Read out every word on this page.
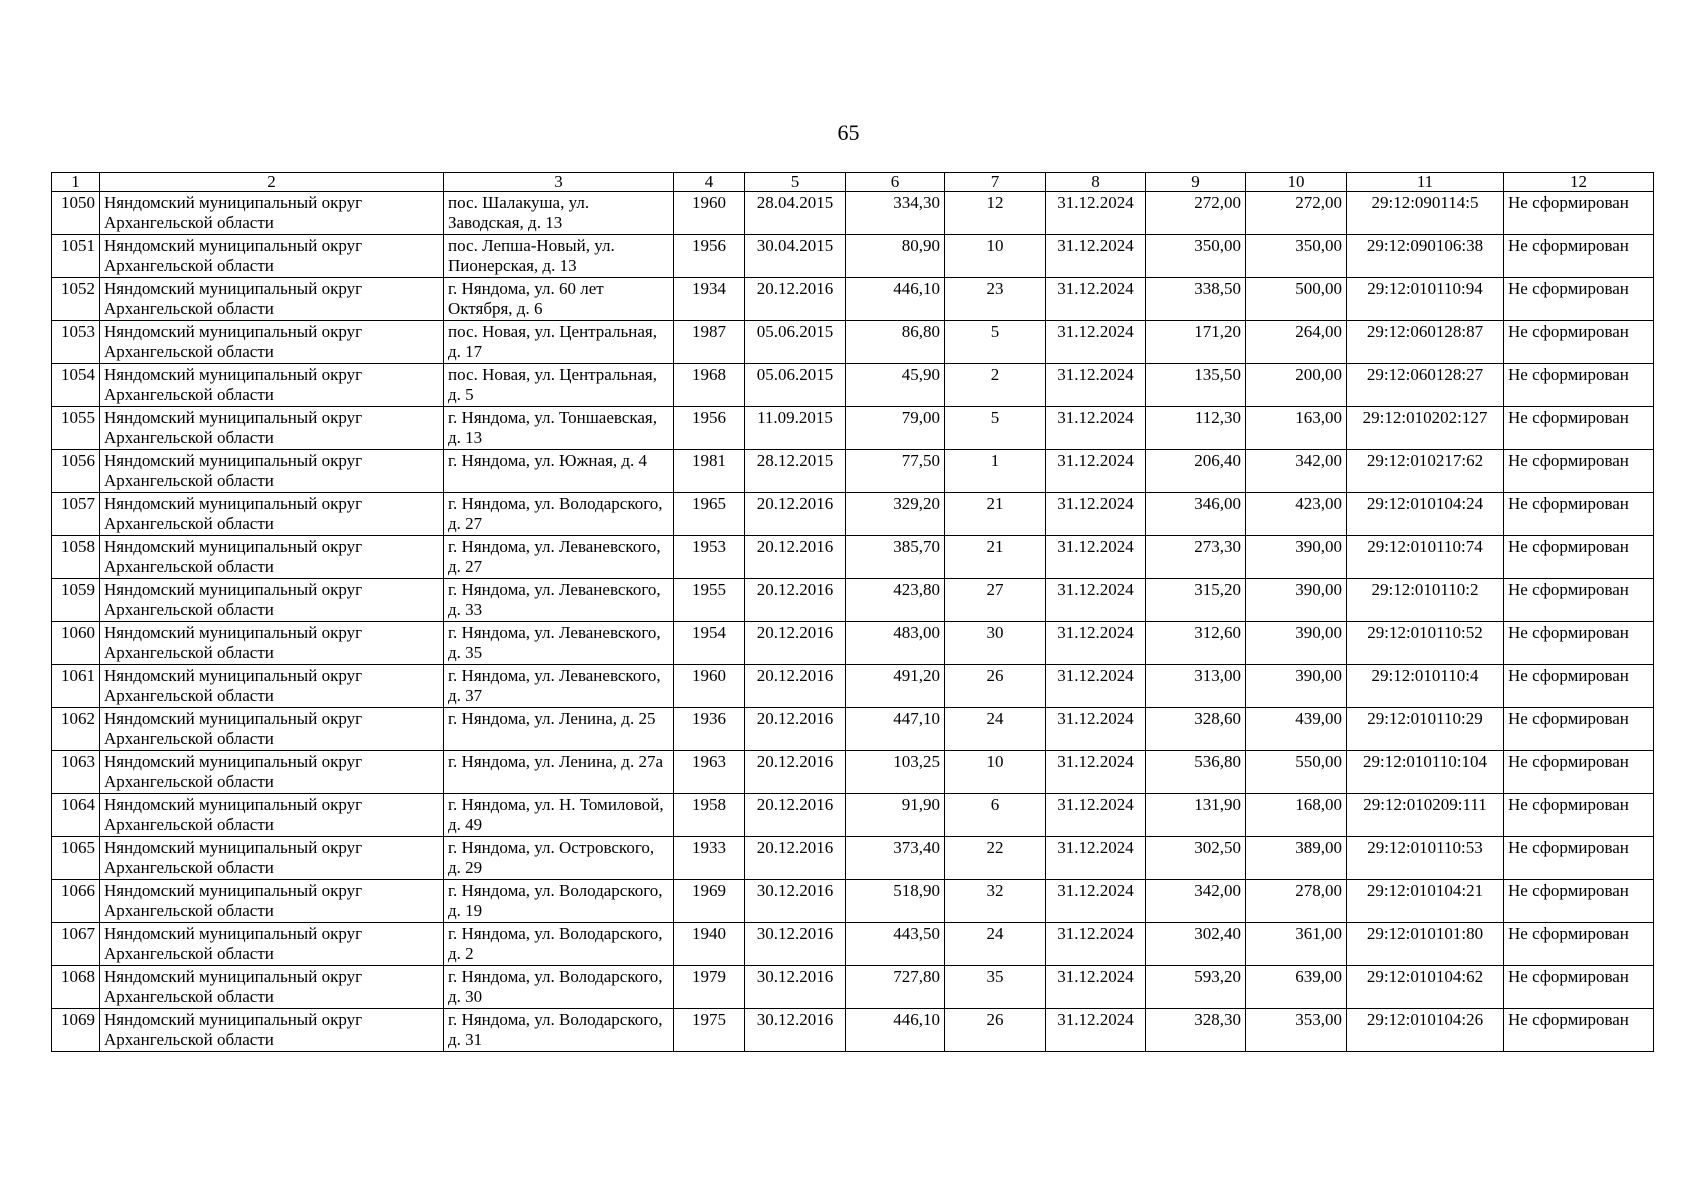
65
1	2	3	4	5	6	7	8	9	10	11	12
1050	Няндомский муниципальный округ Архангельской области	пос. Шалакуша, ул. Заводская, д. 13	1960	28.04.2015	334,30	12	31.12.2024	272,00	272,00	29:12:090114:5	Не сформирован
1051	Няндомский муниципальный округ Архангельской области	пос. Лепша-Новый, ул. Пионерская, д. 13	1956	30.04.2015	80,90	10	31.12.2024	350,00	350,00	29:12:090106:38	Не сформирован
1052	Няндомский муниципальный округ Архангельской области	г. Няндома, ул. 60 лет Октября, д. 6	1934	20.12.2016	446,10	23	31.12.2024	338,50	500,00	29:12:010110:94	Не сформирован
1053	Няндомский муниципальный округ Архангельской области	пос. Новая, ул. Центральная, д. 17	1987	05.06.2015	86,80	5	31.12.2024	171,20	264,00	29:12:060128:87	Не сформирован
1054	Няндомский муниципальный округ Архангельской области	пос. Новая, ул. Центральная, д. 5	1968	05.06.2015	45,90	2	31.12.2024	135,50	200,00	29:12:060128:27	Не сформирован
1055	Няндомский муниципальный округ Архангельской области	г. Няндома, ул. Тоншаевская, д. 13	1956	11.09.2015	79,00	5	31.12.2024	112,30	163,00	29:12:010202:127	Не сформирован
1056	Няндомский муниципальный округ Архангельской области	г. Няндома, ул. Южная, д. 4	1981	28.12.2015	77,50	1	31.12.2024	206,40	342,00	29:12:010217:62	Не сформирован
1057	Няндомский муниципальный округ Архангельской области	г. Няндома, ул. Володарского, д. 27	1965	20.12.2016	329,20	21	31.12.2024	346,00	423,00	29:12:010104:24	Не сформирован
1058	Няндомский муниципальный округ Архангельской области	г. Няндома, ул. Леваневского, д. 27	1953	20.12.2016	385,70	21	31.12.2024	273,30	390,00	29:12:010110:74	Не сформирован
1059	Няндомский муниципальный округ Архангельской области	г. Няндома, ул. Леваневского, д. 33	1955	20.12.2016	423,80	27	31.12.2024	315,20	390,00	29:12:010110:2	Не сформирован
1060	Няндомский муниципальный округ Архангельской области	г. Няндома, ул. Леваневского, д. 35	1954	20.12.2016	483,00	30	31.12.2024	312,60	390,00	29:12:010110:52	Не сформирован
1061	Няндомский муниципальный округ Архангельской области	г. Няндома, ул. Леваневского, д. 37	1960	20.12.2016	491,20	26	31.12.2024	313,00	390,00	29:12:010110:4	Не сформирован
1062	Няндомский муниципальный округ Архангельской области	г. Няндома, ул. Ленина, д. 25	1936	20.12.2016	447,10	24	31.12.2024	328,60	439,00	29:12:010110:29	Не сформирован
1063	Няндомский муниципальный округ Архангельской области	г. Няндома, ул. Ленина, д. 27а	1963	20.12.2016	103,25	10	31.12.2024	536,80	550,00	29:12:010110:104	Не сформирован
1064	Няндомский муниципальный округ Архангельской области	г. Няндома, ул. Н. Томиловой, д. 49	1958	20.12.2016	91,90	6	31.12.2024	131,90	168,00	29:12:010209:111	Не сформирован
1065	Няндомский муниципальный округ Архангельской области	г. Няндома, ул. Островского, д. 29	1933	20.12.2016	373,40	22	31.12.2024	302,50	389,00	29:12:010110:53	Не сформирован
1066	Няндомский муниципальный округ Архангельской области	г. Няндома, ул. Володарского, д. 19	1969	30.12.2016	518,90	32	31.12.2024	342,00	278,00	29:12:010104:21	Не сформирован
1067	Няндомский муниципальный округ Архангельской области	г. Няндома, ул. Володарского, д. 2	1940	30.12.2016	443,50	24	31.12.2024	302,40	361,00	29:12:010101:80	Не сформирован
1068	Няндомский муниципальный округ Архангельской области	г. Няндома, ул. Володарского, д. 30	1979	30.12.2016	727,80	35	31.12.2024	593,20	639,00	29:12:010104:62	Не сформирован
1069	Няндомский муниципальный округ Архангельской области	г. Няндома, ул. Володарского, д. 31	1975	30.12.2016	446,10	26	31.12.2024	328,30	353,00	29:12:010104:26	Не сформирован
